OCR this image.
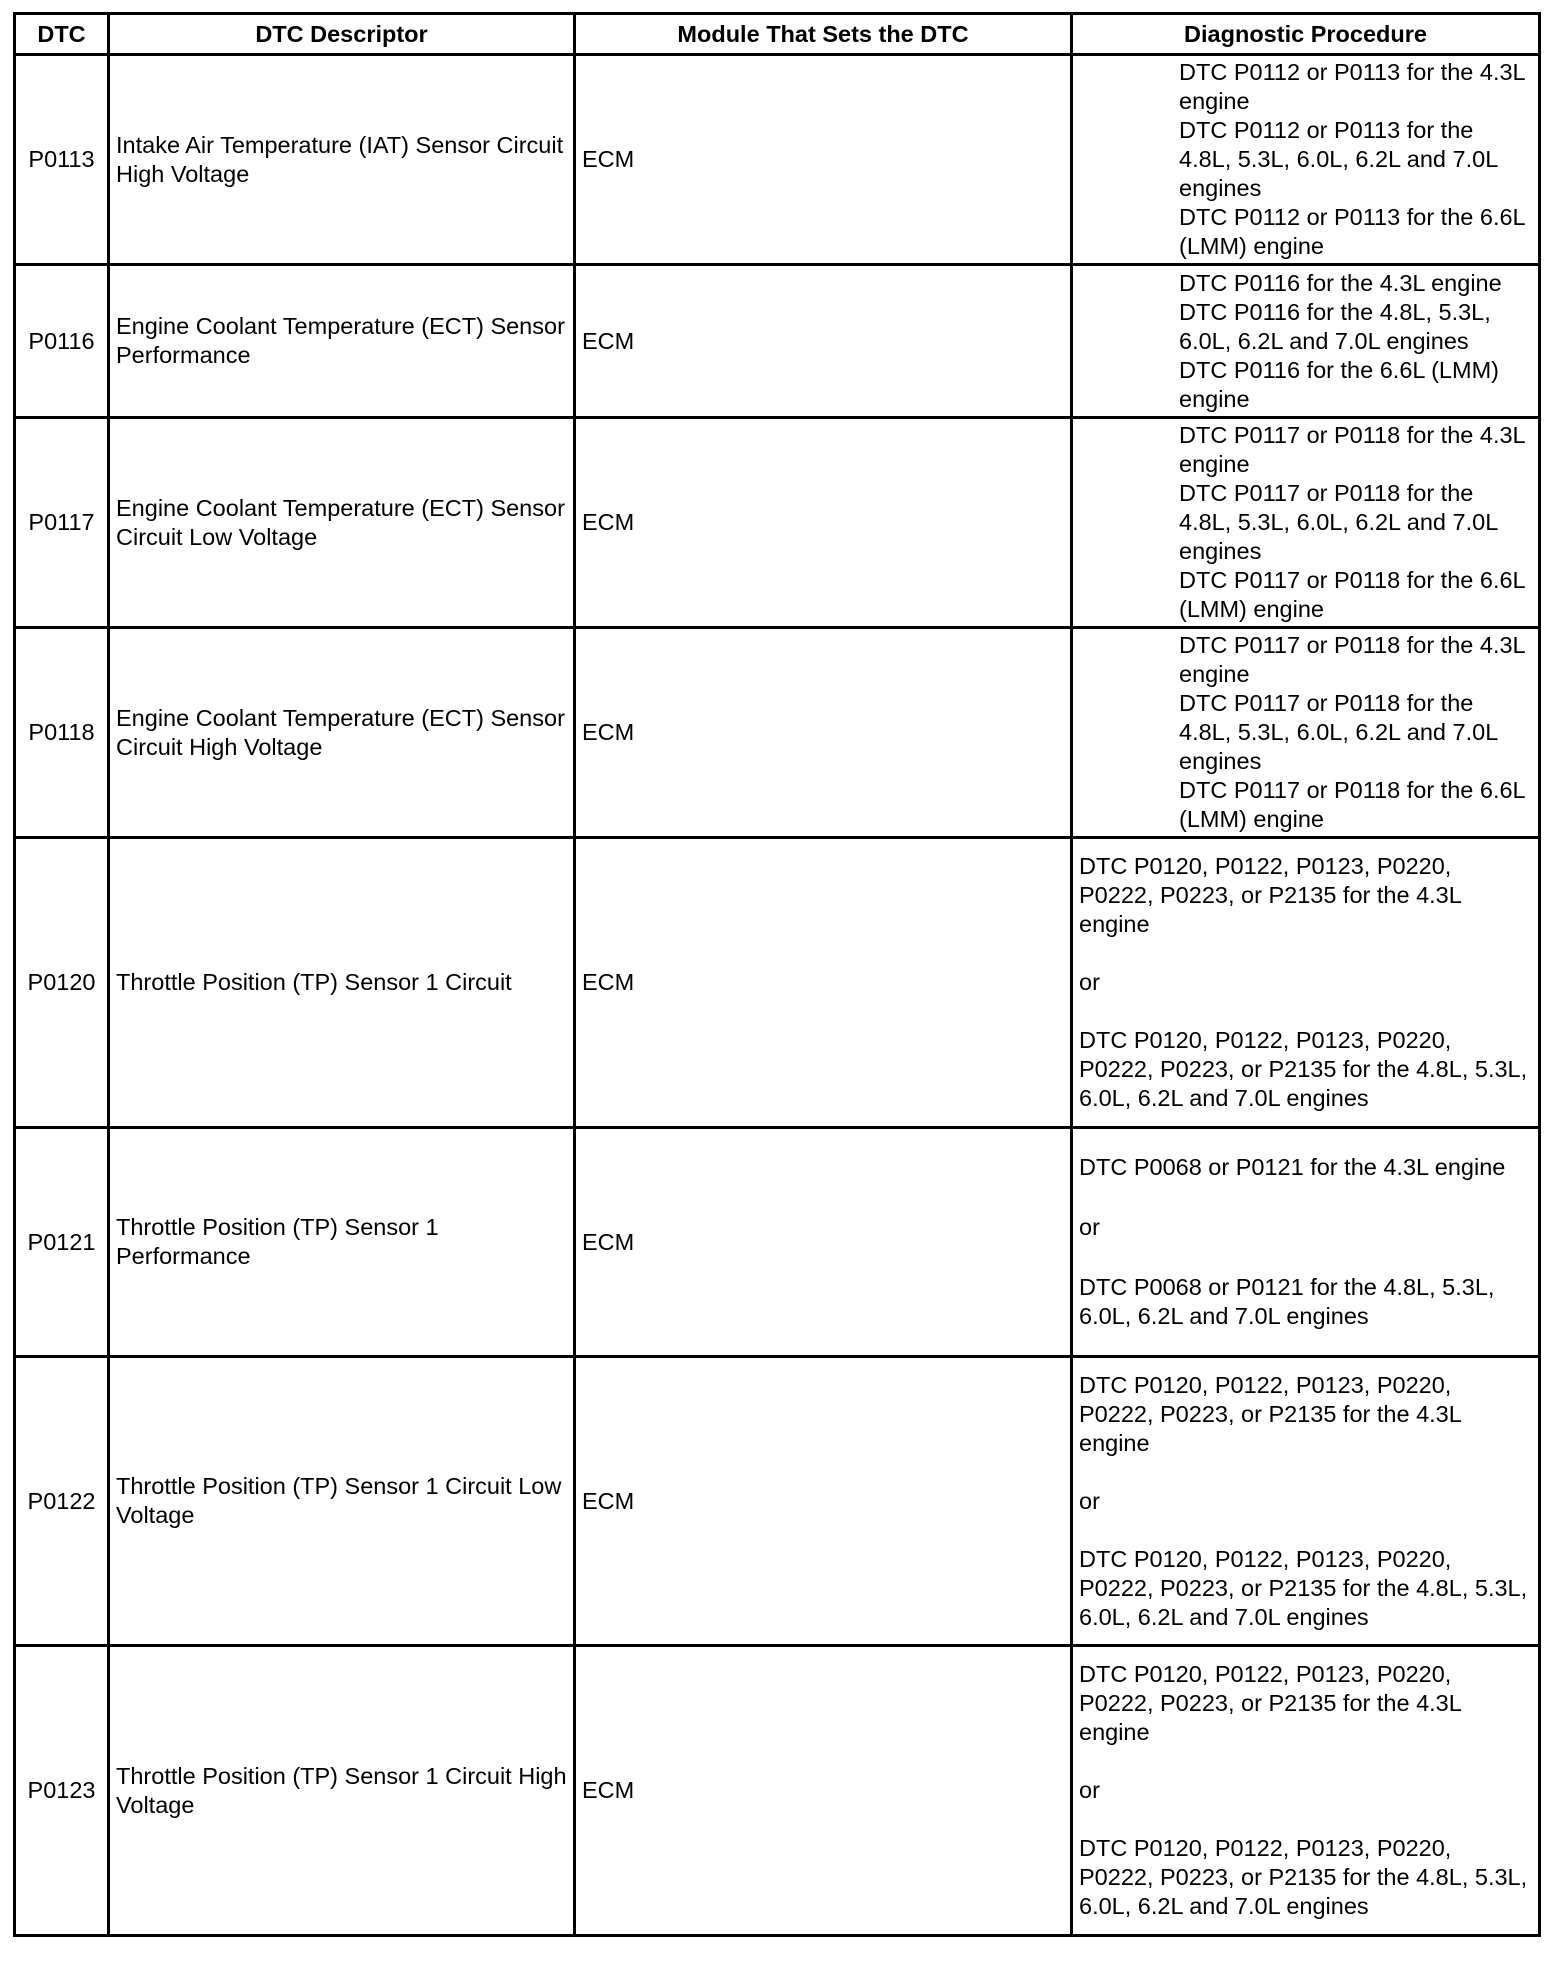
DTC	DTC Descriptor	Module That Sets the DTC	Diagnostic Procedure
P0113	Intake Air Temperature (IAT) Sensor Circuit High Voltage	ECM	DTC P0112 or P0113 for the 4.3L engine
DTC P0112 or P0113 for the 4.8L, 5.3L, 6.0L, 6.2L and 7.0L engines
DTC P0112 or P0113 for the 6.6L (LMM) engine

P0116	Engine Coolant Temperature (ECT) Sensor Performance	ECM	DTC P0116 for the 4.3L engine
DTC P0116 for the 4.8L, 5.3L, 6.0L, 6.2L and 7.0L engines
DTC P0116 for the 6.6L (LMM) engine

P0117	Engine Coolant Temperature (ECT) Sensor Circuit Low Voltage	ECM	DTC P0117 or P0118 for the 4.3L engine
DTC P0117 or P0118 for the 4.8L, 5.3L, 6.0L, 6.2L and 7.0L engines
DTC P0117 or P0118 for the 6.6L (LMM) engine

P0118	Engine Coolant Temperature (ECT) Sensor Circuit High Voltage	ECM	DTC P0117 or P0118 for the 4.3L engine
DTC P0117 or P0118 for the 4.8L, 5.3L, 6.0L, 6.2L and 7.0L engines
DTC P0117 or P0118 for the 6.6L (LMM) engine

P0120	Throttle Position (TP) Sensor 1 Circuit	ECM	DTC P0120, P0122, P0123, P0220, P0222, P0223, or P2135 for the 4.3L engine
or
DTC P0120, P0122, P0123, P0220, P0222, P0223, or P2135 for the 4.8L, 5.3L, 6.0L, 6.2L and 7.0L engines

P0121	Throttle Position (TP) Sensor 1 Performance	ECM	DTC P0068 or P0121 for the 4.3L engine
or
DTC P0068 or P0121 for the 4.8L, 5.3L, 6.0L, 6.2L and 7.0L engines

P0122	Throttle Position (TP) Sensor 1 Circuit Low Voltage	ECM	DTC P0120, P0122, P0123, P0220, P0222, P0223, or P2135 for the 4.3L engine
or
DTC P0120, P0122, P0123, P0220, P0222, P0223, or P2135 for the 4.8L, 5.3L, 6.0L, 6.2L and 7.0L engines

P0123	Throttle Position (TP) Sensor 1 Circuit High Voltage	ECM	DTC P0120, P0122, P0123, P0220, P0222, P0223, or P2135 for the 4.3L engine
or
DTC P0120, P0122, P0123, P0220, P0222, P0223, or P2135 for the 4.8L, 5.3L, 6.0L, 6.2L and 7.0L engines
